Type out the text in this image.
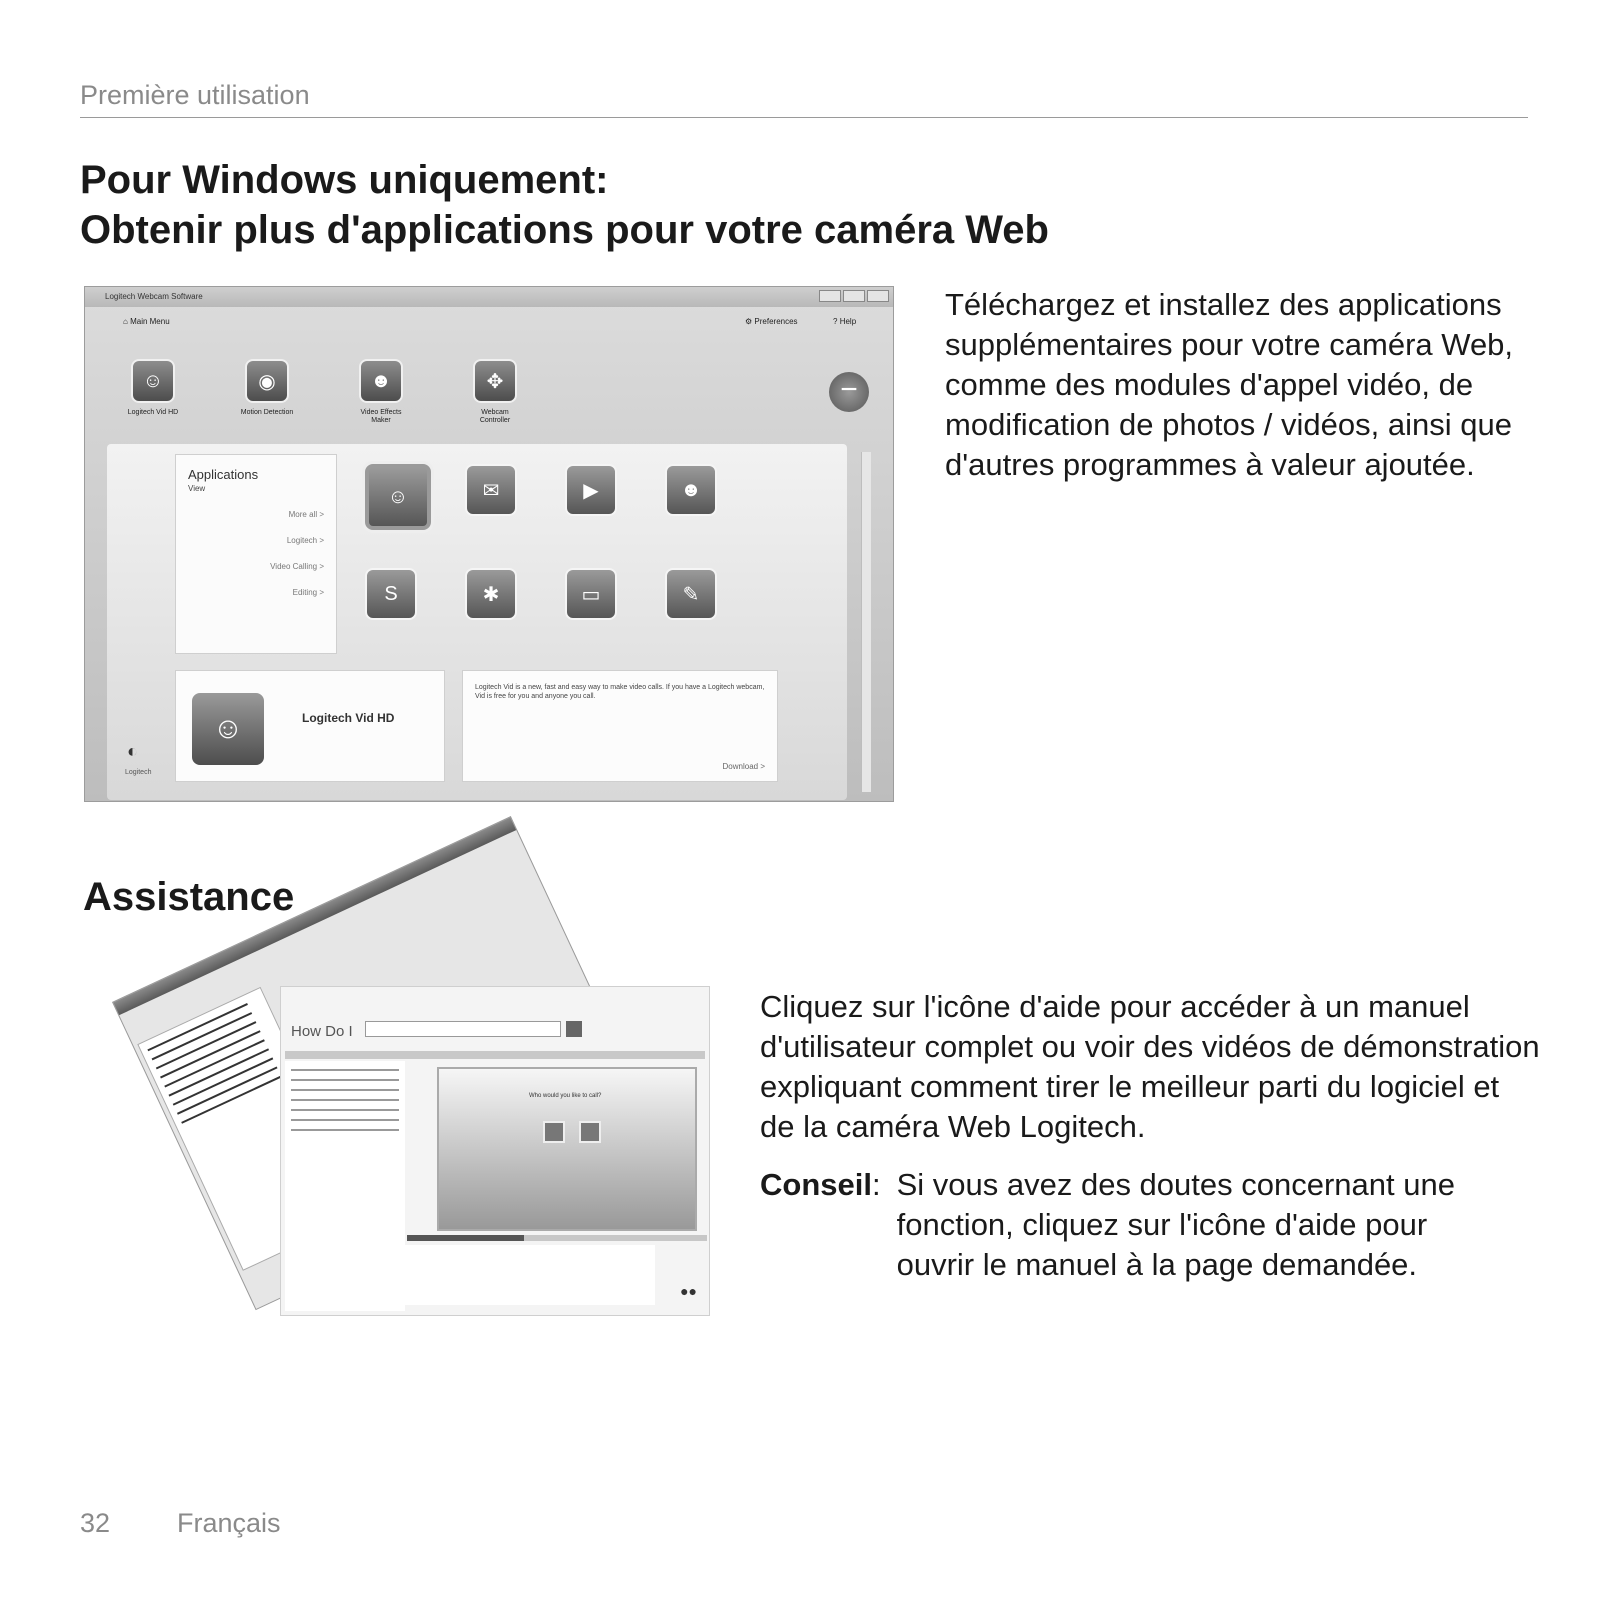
Première utilisation
Pour Windows uniquement:
Obtenir plus d'applications pour votre caméra Web
Logitech Webcam Software
⌂ Main Menu	⚙ Preferences	? Help
☺
Logitech Vid HD
◉
Motion Detection
☻
Video Effects Maker
✥
Webcam Controller
−
Applications
View
More all >
Logitech >
Video Calling >
Editing >
☺	✉	▶	☻
S	✱	▭	✎
☺	Logitech Vid HD
Logitech Vid is a new, fast and easy way to make video calls. If you have a Logitech webcam, Vid is free for you and anyone you call.
Download >
◐
Logitech
Téléchargez et installez des applications supplémentaires pour votre caméra Web, comme des modules d'appel vidéo, de modification de photos / vidéos, ainsi que d'autres programmes à valeur ajoutée.
Assistance
How Do I
Who would you like to call?
●●
Cliquez sur l'icône d'aide pour accéder à un manuel d'utilisateur complet ou voir des vidéos de démonstration expliquant comment tirer le meilleur parti du logiciel et de la caméra Web Logitech.
Conseil : Si vous avez des doutes concernant une fonction, cliquez sur l'icône d'aide pour ouvrir le manuel à la page demandée.
32 Français
